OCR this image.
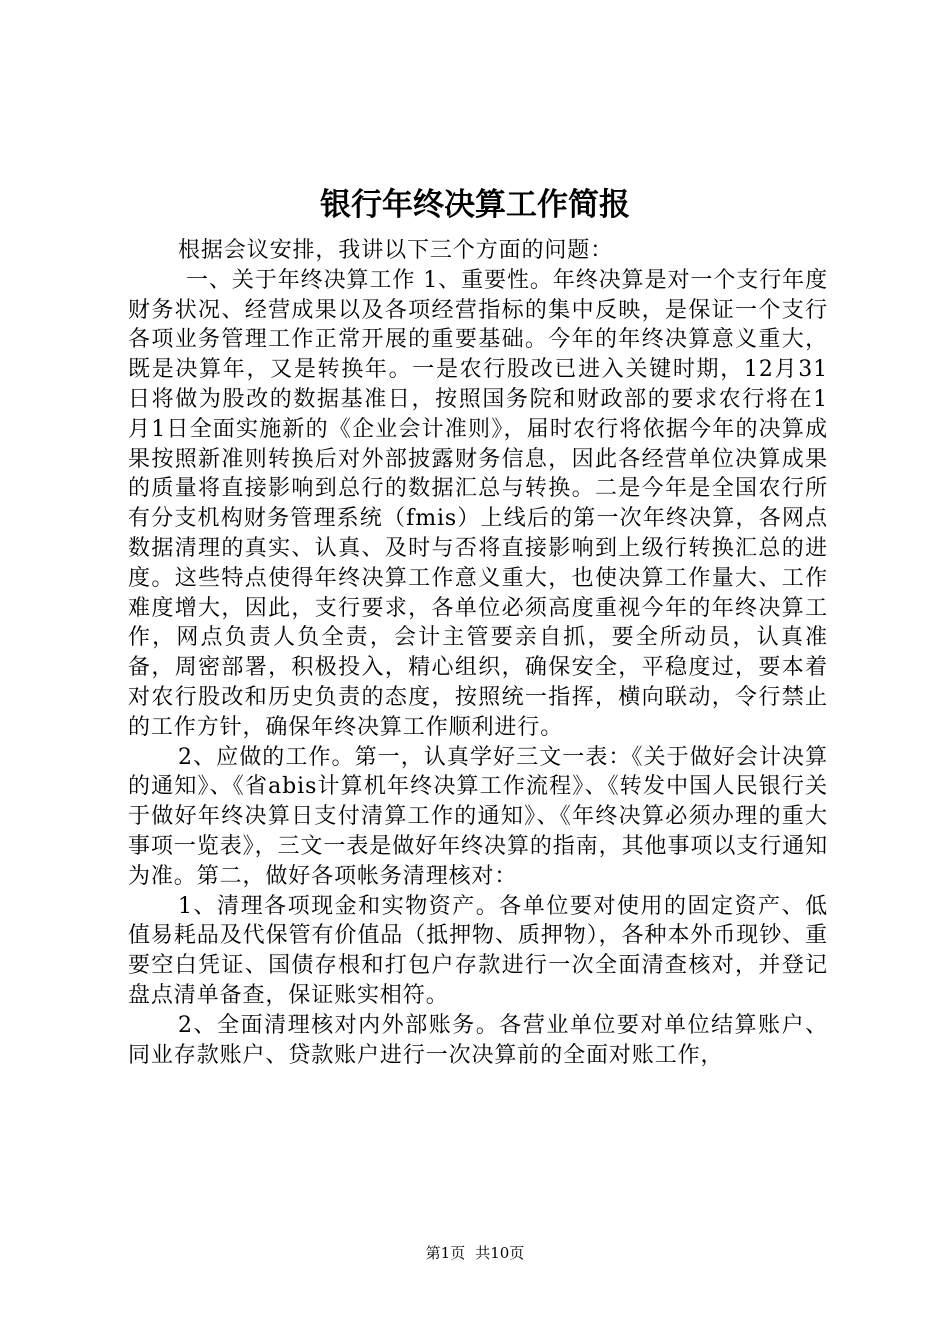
银行年终决算工作简报

根据会议安排，我讲以下三个方面的问题：

一、关于年终决算工作 1、重要性。年终决算是对一个支行年度财务状况、经营成果以及各项经营指标的集中反映，是保证一个支行各项业务管理工作正常开展的重要基础。今年的年终决算意义重大，既是决算年，又是转换年。一是农行股改已进入关键时期，12月31日将做为股改的数据基准日，按照国务院和财政部的要求农行将在1月1日全面实施新的《企业会计准则》，届时农行将依据今年的决算成果按照新准则转换后对外部披露财务信息，因此各经营单位决算成果的质量将直接影响到总行的数据汇总与转换。二是今年是全国农行所有分支机构财务管理系统（fmis）上线后的第一次年终决算，各网点数据清理的真实、认真、及时与否将直接影响到上级行转换汇总的进度。这些特点使得年终决算工作意义重大，也使决算工作量大、工作难度增大，因此，支行要求，各单位必须高度重视今年的年终决算工作，网点负责人负全责，会计主管要亲自抓，要全所动员，认真准备，周密部署，积极投入，精心组织，确保安全，平稳度过，要本着对农行股改和历史负责的态度，按照统一指挥，横向联动，令行禁止的工作方针，确保年终决算工作顺利进行。

2、应做的工作。第一，认真学好三文一表：《关于做好会计决算的通知》、《省abis计算机年终决算工作流程》、《转发中国人民银行关于做好年终决算日支付清算工作的通知》、《年终决算必须办理的重大事项一览表》，三文一表是做好年终决算的指南，其他事项以支行通知为准。第二，做好各项帐务清理核对：

1、清理各项现金和实物资产。各单位要对使用的固定资产、低值易耗品及代保管有价值品（抵押物、质押物），各种本外币现钞、重要空白凭证、国债存根和打包户存款进行一次全面清查核对，并登记盘点清单备查，保证账实相符。

2、全面清理核对内外部账务。各营业单位要对单位结算账户、同业存款账户、贷款账户进行一次决算前的全面对账工作，

第1页 共10页
